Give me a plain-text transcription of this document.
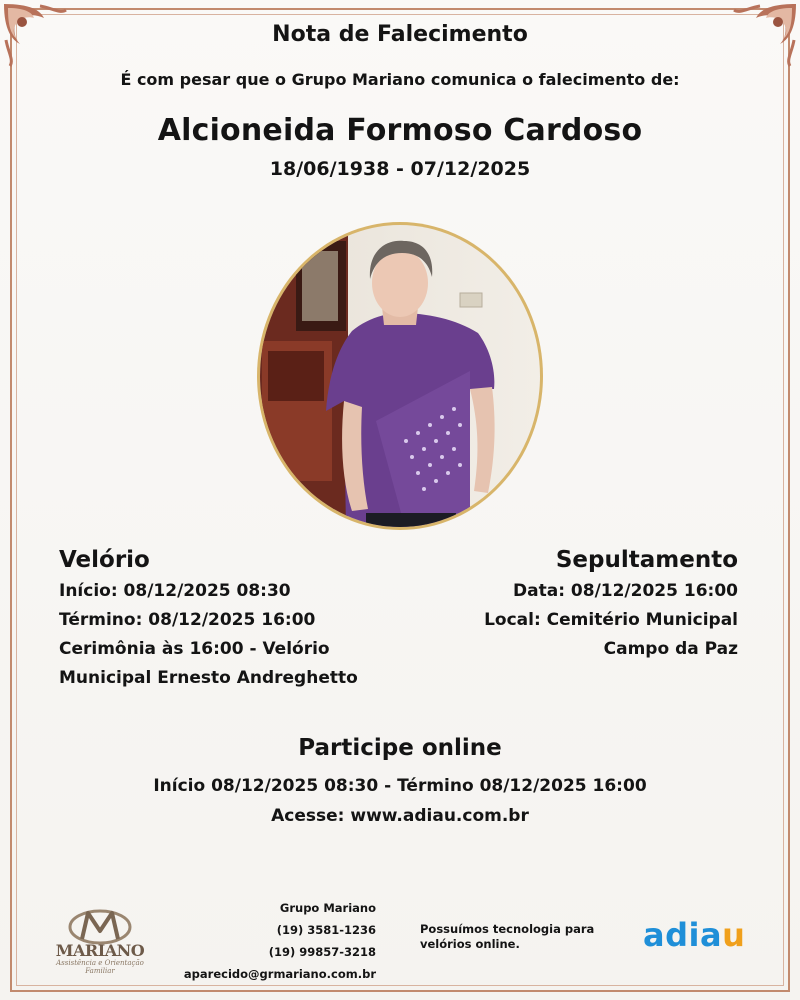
Nota de Falecimento
É com pesar que o Grupo Mariano comunica o falecimento de:
Alcioneida Formoso Cardoso
18/06/1938 - 07/12/2025
Velório
Início: 08/12/2025 08:30
Término: 08/12/2025 16:00
Cerimônia às 16:00 - Velório
Municipal Ernesto Andreghetto
Sepultamento
Data: 08/12/2025 16:00
Local: Cemitério Municipal
Campo da Paz
Participe online
Início 08/12/2025 08:30 - Término 08/12/2025 16:00
Acesse: www.adiau.com.br
MARIANO
Assistência e Orientação Familiar
Grupo Mariano
(19) 3581-1236
(19) 99857-3218
aparecido@grmariano.com.br
Possuímos tecnologia para velórios online.	adiau
